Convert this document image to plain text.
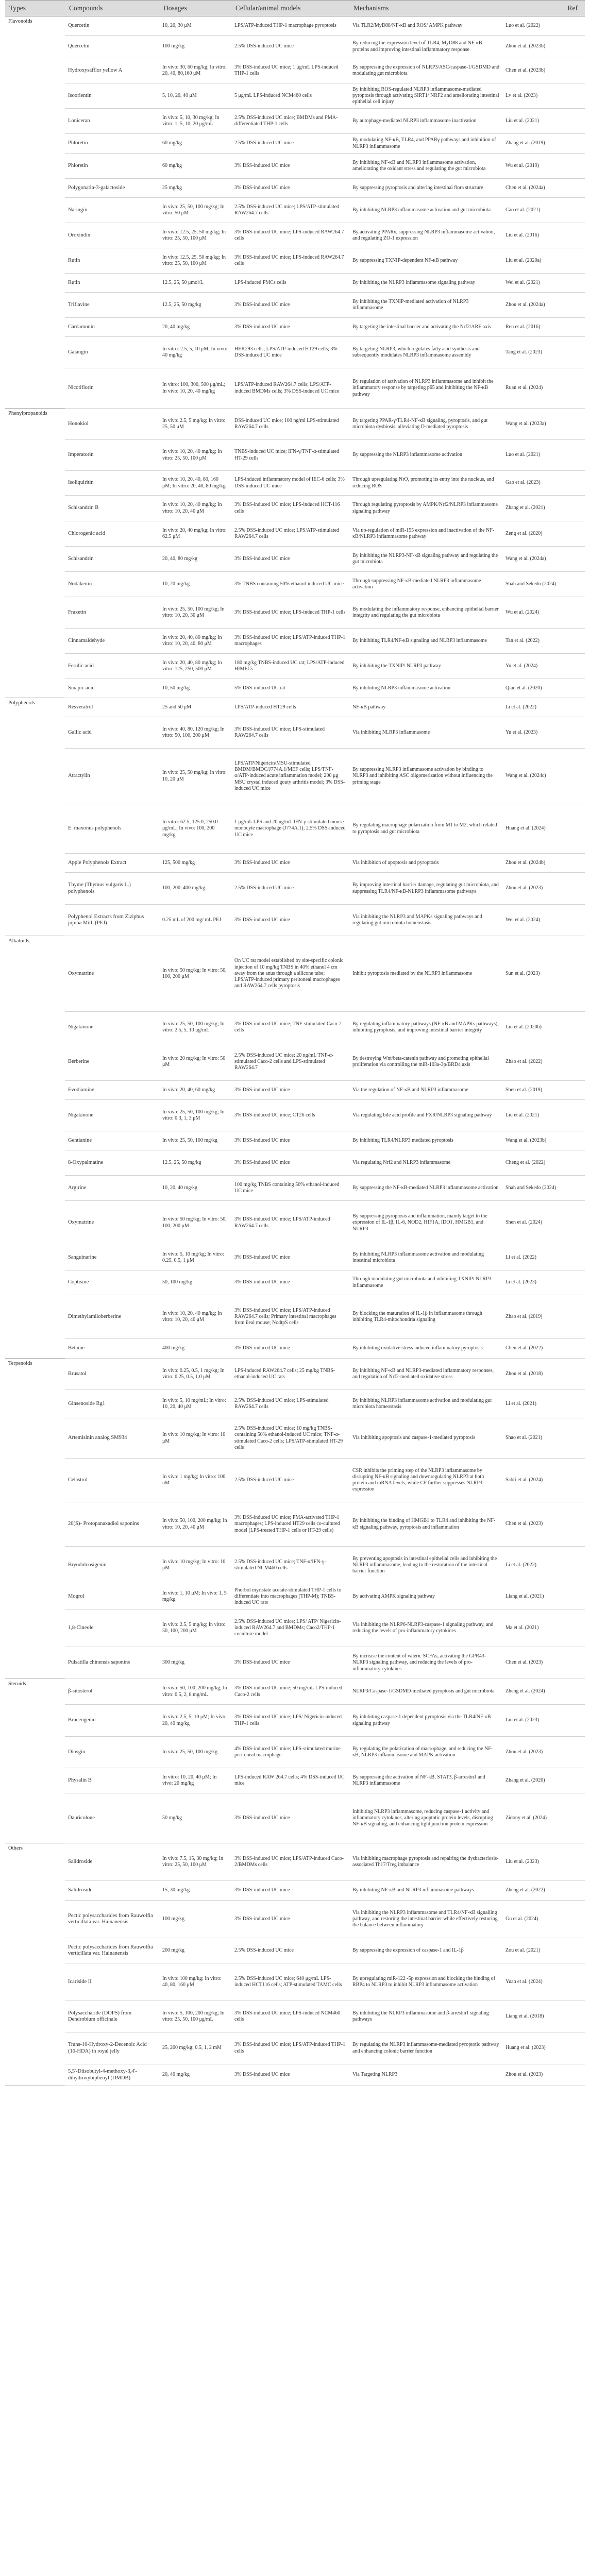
Types	Compounds	Dosages	Cellular/animal models	Mechanisms	Ref
Flavonoids	Quercetin	10, 20, 30 μM	LPS/ATP-induced THP-1 macrophage pyroptosis	Via TLR2/MyD88/NF-κB and ROS/ AMPK pathway	Luo et al. (2022)
	Quercetin	100 mg/kg	2.5% DSS-induced UC mice	By reducing the expression level of TLR4, MyD88 and NF-κB proteins and improving intestinal inflammatory response	Zhou et al. (2023b)
	Hydroxysafflor yellow A	In vivo: 30, 60 mg/kg; In vitro: 20, 40, 80,160 μM	3% DSS-induced UC mice; 1 μg/mL LPS-induced THP-1 cells	By suppressing the expression of NLRP3/ASC/caspase-1/GSDMD and modulating gut microbiota	Chen et al. (2023b)
	Isoorientin	5, 10, 20, 40 μM	5 μg/mL LPS-induced NCM460 cells	By inhibiting ROS-regulated NLRP3 inflammasome-mediated pyroptosis through activating SIRT1/ NRF2 and ameliorating intestinal epithelial cell injury	Lv et al. (2023)
	Loniceran	In vivo: 5, 10, 30 mg/kg; In vitro: 1, 5, 10, 20 μg/mL	2.5% DSS-induced UC mice; BMDMs and PMA-differentiated THP-1 cells	By autophagy-mediated NLRP3 inflammasome inactivation	Liu et al. (2021)
	Phloretin	60 mg/kg	2.5% DSS-induced UC mice	By modulating NF-κB, TLR4, and PPARγ pathways and inhibition of NLRP3 inflammasome	Zhang et al. (2019)
	Phloretin	60 mg/kg	3% DSS-induced UC mice	By inhibiting NF-κB and NLRP3 inflammasome activation, ameliorating the oxidant stress and regulating the gut microbiota	Wu et al. (2019)
	Polygonatin-3-galactoside	25 mg/kg	3% DSS-induced UC mice	By suppressing pyroptosis and altering intestinal flora structure	Chen et al. (2024a)
	Naringin	In vivo: 25, 50, 100 mg/kg; In vitro: 50 μM	2.5% DSS-induced UC mice; LPS/ATP-stimulated RAW264.7 cells	By inhibiting NLRP3 inflammasome activation and gut microbiota	Cao et al. (2021)
	Oroxindin	In vivo: 12.5, 25, 50 mg/kg; In vitro: 25, 50, 100 μM	3% DSS-induced UC mice; LPS-induced RAW264.7 cells	By activating PPARγ, suppressing NLRP3 inflammasome activation, and regulating ZO-1 expression	Liu et al. (2016)
	Rutin	In vivo: 12.5, 25, 50 mg/kg; In vitro: 25, 50, 100 μM	3% DSS-induced UC mice; LPS-induced RAW264.7 cells	By suppressing TXNIP-dependent NF-κB pathway	Liu et al. (2020a)
	Rutin	12.5, 25, 50 μmol/L	LPS-induced PMCs cells	By inhibiting the NLRP3 inflammasome signaling pathway	Wei et al. (2021)
	Triflavine	12.5, 25, 50 mg/kg	3% DSS-induced UC mice	By inhibiting the TXNIP-mediated activation of NLRP3 inflammasome	Zhou et al. (2024a)
	Cardamonin	20, 40 mg/kg	3% DSS-induced UC mice	By targeting the intestinal barrier and activating the Nrf2/ARE axis	Ren et al. (2016)
	Galangin	In vitro: 2.5, 5, 10 μM; In vivo: 40 mg/kg	HEK293 cells; LPS/ATP-induced HT29 cells; 3% DSS-induced UC mice	By targeting NLRP3, which regulates fatty acid synthesis and subsequently modulates NLRP3 inflammasome assembly	Tang et al. (2023)
	Nicotiflorin	In vitro: 100, 300, 500 μg/mL; In vivo: 10, 20, 40 mg/kg	LPS/ATP-induced RAW264.7 cells; LPS/ATP-induced BMDMs cells; 3% DSS-induced UC mice	By regulation of activation of NLRP3 inflammasome and inhibit the inflammatory response by targeting p65 and inhibiting the NF-κB pathway	Ruan et al. (2024)
Phenylpropanoids	Honokiol	In vivo: 2.5, 5 mg/kg; In vitro: 25, 50 μM	DSS-induced UC mice; 100 ng/ml LPS-stimulated RAW264.7 cells	By targeting PPAR-γ/TLR4-NF-κB signaling, pyroptosis, and gut microbiota dysbiosis, alleviating D-mediated pyroptosis	Wang et al. (2023a)
	Imperatorin	In vivo: 10, 20, 40 mg/kg; In vitro: 25, 50, 100 μM	TNBS-induced UC mice; IFN-γ/TNF-α-stimulated HT-29 cells	By suppressing the NLRP3 inflammasome activation	Luo et al. (2021)
	Isoliquiritin	In vivo: 10, 20, 40, 80, 160 μM; In vitro: 20, 40, 80 mg/kg	LPS-induced inflammatory model of IEC-6 cells; 3% DSS-induced UC mice	Through upregulating NrO, promoting its entry into the nucleus, and reducing ROS	Gao et al. (2023)
	Schisandrin B	In vivo: 10, 20, 40 mg/kg; In vitro: 10, 20, 40 μM	3% DSS-induced UC mice; LPS-induced HCT-116 cells	Through regulating pyroptosis by AMPK/Nrf2/NLRP3 inflammasome signaling pathway	Zhang et al. (2021)
	Chlorogenic acid	In vivo: 20, 40 mg/kg; In vitro: 62.5 μM	2.5% DSS-induced UC mice; LPS/ATP-stimulated RAW264.7 cells	Via up-regulation of miR-155 expression and inactivation of the NF-κB/NLRP3 inflammasome pathway	Zeng et al. (2020)
	Schisandrin	20, 40, 80 mg/kg	3% DSS-induced UC mice	By inhibiting the NLRP3-NF-κB signaling pathway and regulating the gut microbiota	Wang et al. (2024a)
	Nodakenin	10, 20 mg/kg	3% TNBS containing 50% ethanol-induced UC mice	Through suppressing NF-κB-mediated NLRP3 inflammasome activation	Shah and Sekedo (2024)
	Fraxetin	In vivo: 25, 50, 100 mg/kg; In vitro: 10, 20, 30 μM	3% DSS-induced UC mice; LPS-induced THP-1 cells	By modulating the inflammatory response, enhancing epithelial barrier integrity and regulating the gut microbiota	Wu et al. (2024)
	Cinnamaldehyde	In vivo: 20, 40, 80 mg/kg; In vitro: 10, 20, 40, 80 μM	3% DSS-induced UC mice; LPS/ATP-induced THP-1 macrophages	By inhibiting TLR4/NF-κB signaling and NLRP3 inflammasome	Tan et al. (2022)
	Ferulic acid	In vivo: 20, 40, 80 mg/kg; In vitro: 125, 250, 500 μM	180 mg/kg TNBS-induced UC rat; LPS/ATP-induced HIMECs	By inhibiting the TXNIP/ NLRP3 pathway	Yu et al. (2024)
	Sinapic acid	10, 50 mg/kg	5% DSS-induced UC rat	By inhibiting NLRP3 inflammasome activation	Qian et al. (2020)
Polyphenols	Resveratrol	25 and 50 μM	LPS/ATP-induced HT29 cells	NF-κB pathway	Li et al. (2022)
	Gallic acid	In vivo: 40, 80, 120 mg/kg; In vitro: 50, 100, 200 μM	3% DSS-induced UC mice; LPS-stimulated RAW264.7 cells	Via inhibiting NLRP3 inflammasome	Yu et al. (2023)
	Atractylin	In vivo: 25, 50 mg/kg; In vitro: 10, 20 μM	LPS/ATP/Nigericin/MSU-stimulated BMDM/BMDC/J774A.1/MEF cells; LPS/TNF-α/ATP-induced acute inflammation model; 200 μg MSU crystal induced gouty arthritis model; 3% DSS-induced UC mice	By suppressing NLRP3 inflammasome activation by binding to NLRP3 and inhibiting ASC oligomerization without influencing the priming stage	Wang et al. (2024c)
	E. maxonus polyphenols	In vitro: 62.5, 125.0, 250.0 μg/mL; In vivo: 100, 200 mg/kg	1 μg/mL LPS and 20 ng/mL IFN-γ-stimulated mouse monocyte macrophage (J774A.1); 2.5% DSS-induced UC mice	By regulating macrophage polarization from M1 to M2, which related to pyroptosis and gut microbiota	Huang et al. (2024)
	Apple Polyphenols Extract	125, 500 mg/kg	3% DSS-induced UC mice	Via inhibition of apoptosis and pyroptosis	Zhou et al. (2024b)
	Thyme (Thymus vulgaris L.) polyphenols	100, 200, 400 mg/kg	2.5% DSS-induced UC mice	By improving intestinal barrier damage, regulating gut microbiota, and suppressing TLR4/NF-κB-NLRP3 inflammasome pathways	Zhou et al. (2023)
	Polyphenol Extracts from Ziziphus jujuba Mill. (PEJ)	0.25 mL of 200 mg/ mL PEJ	3% DSS-induced UC mice	Via inhibiting the NLRP3 and MAPKs signaling pathways and regulating gut microbiota homeostasis	Wei et al. (2024)
Alkaloids	Oxymatrine	In vivo: 50 mg/kg; In vitro: 50, 100, 200 μM	On UC rat model established by site-specific colonic injection of 10 mg/kg TNBS in 40% ethanol 4 cm away from the anus through a silicone tube; LPS/ATP-induced primary peritoneal macrophages and RAW264.7 cells pyroptosis	Inhibit pyroptosis mediated by the NLRP3 inflammasome	Sun et al. (2023)
	Nigakinone	In vivo: 25, 50, 100 mg/kg; In vitro: 2.5, 5, 10 μg/mL	3% DSS-induced UC mice; TNF-stimulated Caco-2 cells	By regulating inflammatory pathways (NF-κB and MAPKs pathways), inhibiting pyroptosis, and improving intestinal barrier integrity	Liu et al. (2020b)
	Berberine	In vivo: 20 mg/kg; In vitro: 50 μM	2.5% DSS-induced UC mice; 20 ng/mL TNF-α-stimulated Caco-2 cells and LPS-stimulated RAW264.7	By destroying Wnt/beta-catenin pathway and promoting epithelial proliferation via controlling the miR-103a-3p/BRD4 axis	Zhao et al. (2022)
	Evodiamine	In vivo: 20, 40, 60 mg/kg	3% DSS-induced UC mice	Via the regulation of NF-κB and NLRP3 inflammasome	Shen et al. (2019)
	Nigakinone	In vivo: 25, 50, 100 mg/kg; In vitro: 0.3, 1, 3 μM	3% DSS-induced UC mice; CT26 cells	Via regulating bile acid profile and FXR/NLRP3 signaling pathway	Liu et al. (2021)
	Gentianine	In vivo: 25, 50, 100 mg/kg	3% DSS-induced UC mice	By inhibiting TLR4/NLRP3 mediated pyroptosis	Wang et al. (2023b)
	8-Oxypalmatine	12.5, 25, 50 mg/kg	3% DSS-induced UC mice	Via regulating Nrf2 and NLRP3 inflammasome	Cheng et al. (2022)
	Argirine	10, 20, 40 mg/kg	100 mg/kg TNBS containing 50% ethanol-induced UC mice	By suppressing the NF-κB-mediated NLRP3 inflammasome activation	Shah and Sekedo (2024)
	Oxymatrine	In vivo: 50 mg/kg; In vitro: 50, 100, 200 μM	3% DSS-induced UC mice; LPS/ATP-induced RAW264.7 cells	By suppressing pyroptosis and inflammation, mainly target to the expression of IL-1β, IL-6, NOD2, HIF1A, IDO1, HMGB1, and NLRP3	Shen et al. (2024)
	Sanguinarine	In vivo: 5, 10 mg/kg; In vitro: 0.25, 0.5, 1 μM	3% DSS-induced UC mice	By inhibiting NLRP3 inflammasome activation and modulating intestinal microbiota	Li et al. (2022)
	Coptisine	50, 100 mg/kg	3% DSS-induced UC mice	Through modulating gut microbiota and inhibiting TXNIP/ NLRP3 inflammasome	Li et al. (2023)
	Dimethylamiloberberine	In vivo: 10, 20, 40 mg/kg; In vitro: 10, 20, 40 μM	3% DSS-induced UC mice; LPS/ATP-induced RAW264.7 cells; Primary intestinal macrophages from ileal mouse; NodtpS cells	By blocking the maturation of IL-1β in inflammasome through inhibiting TLR4-mitochondria signaling	Zhao et al. (2019)
	Betaine	400 mg/kg	3% DSS-induced UC mice	By inhibiting oxidative stress induced inflammatory pyroptosis	Chen et al. (2022)
Terpenoids	Brusatol	In vivo: 0.25, 0.5, 1 mg/kg; In vitro: 0.25, 0.5, 1.0 μM	LPS-induced RAW264.7 cells; 25 mg/kg TNBS-ethanol-induced UC rats	By inhibiting NF-κB and NLRP3-mediated inflammatory responses, and regulation of Nrf2-mediated oxidative stress	Zhou et al. (2018)
	Ginsenoside Rg1	In vivo: 5, 10 mg/mL; In vitro: 10, 20, 40 μM	2.5% DSS-induced UC mice; LPS-stimulated RAW264.7 cells	By inhibiting NLRP3 inflammasome activation and modulating gut microbiota homeostasis	Li et al. (2021)
	Artemisinin analog SM934	In vivo: 10 mg/kg; In vitro: 10 μM	2.5% DSS-induced UC mice; 10 mg/kg TNBS-containing 50% ethanol-induced UC mice; TNF-α-stimulated Caco-2 cells; LPS/ATP-stimulated HT-29 cells	Via inhibiting apoptosis and caspase-1-mediated pyroptosis	Shao et al. (2021)
	Celastrol	In vivo: 1 mg/kg; In vitro: 100 nM	2.5% DSS-induced UC mice	CSR inhibits the priming step of the NLRP3 inflammasome by disrupting NF-κB signaling and downregulating NLRP3 at both protein and mRNA levels, while CF further suppresses NLRP3 expression	Sabri et al. (2024)
	20(S)- Protopanaxadiol saponins	In vivo: 50, 100, 200 mg/kg; In vitro: 10, 20, 40 μM	3% DSS-induced UC mice; PMA-activated THP-1 macrophages; LPS-induced HT29 cells co-cultured model (LPS-treated THP-1 cells or HT-29 cells)	By inhibiting the binding of HMGB1 to TLR4 and inhibiting the NF-κB signaling pathway, pyroptosis and inflammation	Chen et al. (2023)
	Bryodulcosigenin	In vivo: 10 mg/kg; In vitro: 10 μM	2.5% DSS-induced UC mice; TNF-α/IFN-γ-stimulated NCM460 cells	By preventing apoptosis in intestinal epithelial cells and inhibiting the NLRP3 inflammasome, leading to the restoration of the intestinal barrier function	Li et al. (2022)
	Mogrol	In vivo: 1, 10 μM; In vivo: 1, 5 mg/kg	Phorbol myristate acetate-stimulated THP-1 cells to differentiate into macrophages (THP-M); TNBS-induced UC rats	By activating AMPK signaling pathway	Liang et al. (2021)
	1,8-Cineole	In vivo: 2.5, 5 mg/kg; In vitro: 50, 100, 200 μM	2.5% DSS-induced UC mice; LPS/ ATP/ Nigericin-induced RAW264.7 and BMDMs; Caco2/THP-1 coculture model	Via inhibiting the NLRP6-NLRP3-caspase-1 signaling pathway, and reducing the levels of pro-inflammatory cytokines	Ma et al. (2021)
	Pulsatilla chinensis saponins	300 mg/kg	3% DSS-induced UC mice	By increase the content of valeric SCFAs, activating the GPR43-NLRP3 signaling pathway, and reducing the levels of pro-inflammatory cytokines	Chen et al. (2023)
Steroids	β-sitosterol	In vivo: 50, 100, 200 mg/kg; In vitro: 0.5, 2, 8 mg/mL	3% DSS-induced UC mice; 50 mg/mL LPS-induced Caco-2 cells	NLRP3/Caspase-1/GSDMD-mediated pyroptosis and gut microbiota	Zheng et al. (2024)
	Bruceogenin	In vivo: 2.5, 5, 10 μM; In vivo: 20, 40 mg/kg	3% DSS-induced UC mice; LPS/ Nigericin-induced THP-1 cells	By inhibiting caspase-1 dependent pyroptosis via the TLR4/NF-κB signaling pathway	Liu et al. (2023)
	Diosgin	In vivo: 25, 50, 100 mg/kg	4% DSS-induced UC mice; LPS-stimulated murine peritoneal macrophage	By regulating the polarization of macrophage, and reducing the NF-κB, NLRP3 inflammasome and MAPK activation	Zhou et al. (2023)
	Physalin B	In vitro: 10, 20, 40 μM; In vivo: 20 mg/kg	LPS-induced RAW 264.7 cells; 4% DSS-induced UC mice	By suppressing the activation of NF-κB, STAT3, β-arrestin1 and NLRP3 inflammasome	Zhang et al. (2020)
	Dauricolone	50 mg/kg	3% DSS-induced UC mice	Inhibiting NLRP3 inflammasome, reducing caspase-1 activity and inflammatory cytokines, altering apoptotic protein levels, disrupting NF-κB signaling, and enhancing tight junction protein expression	Zidony et al. (2024)
Others	Salidroside	In vivo: 7.5, 15, 30 mg/kg; In vitro: 25, 50, 100 μM	3% DSS-induced UC mice; LPS/ATP-induced Caco-2/BMDMs cells	Via inhibiting macrophage pyroptosis and repairing the dysbacteriosis-associated Th17/Treg imbalance	Liu et al. (2023)
	Salidroside	15, 30 mg/kg	3% DSS-induced UC mice	By inhibiting NF-κB and NLRP3 inflammasome pathways	Zheng et al. (2022)
	Pectic polysaccharides from Rauwolfia verticillata var. Hainanensis	100 mg/kg	3% DSS-induced UC mice	Via inhibiting the NLRP3 inflammasome and TLR4/NF-κB signalling pathway, and restoring the intestinal barrier while effectively restoring the balance between inflammatory	Gu et al. (2024)
	Pectic polysaccharides from Rauwolfia verticillata var. Hainanensis	200 mg/kg	2.5% DSS-induced UC mice	By suppressing the expression of caspase-1 and IL-1β	Zou et al. (2021)
	Icariside II	In vivo: 100 mg/kg; In vitro: 40, 80, 160 μM	2.5% DSS-induced UC mice; 640 μg/mL LPS-induced HCT116 cells; ATP-stimulated TAMC cells	By upregulating miR-122 -5p expression and blocking the binding of RBP4 to NLRP3 to inhibit NLRP3 inflammasome activation	Yuan et al. (2024)
	Polysaccharide (DOPS) from Dendrobium officinale	In vivo: 5, 100, 200 mg/kg; In vitro: 25, 50, 100 μg/mL	3% DSS-induced UC mice; LPS-induced NCM460 cells	By inhibiting the NLRP3 inflammasome and β-arrestin1 signaling pathways	Liang et al. (2018)
	Trans-10-Hydroxy-2-Decenoic Acid (10-HDA) in royal jelly	25, 200 mg/kg; 0.5, 1, 2 mM	3% DSS-induced UC mice; LPS/ATP-induced THP-1 cells	By regulating the NLRP3 inflammasome-mediated pyroptotic pathway and enhancing colonic barrier function	Huang et al. (2023)
	5,5'-Diisobutyl-4-methoxy-3,4'-dihydroxybiphenyl (DMDB)	20, 40 mg/kg	3% DSS-induced UC mice	Via Targeting NLRP3	Zhou et al. (2023)
